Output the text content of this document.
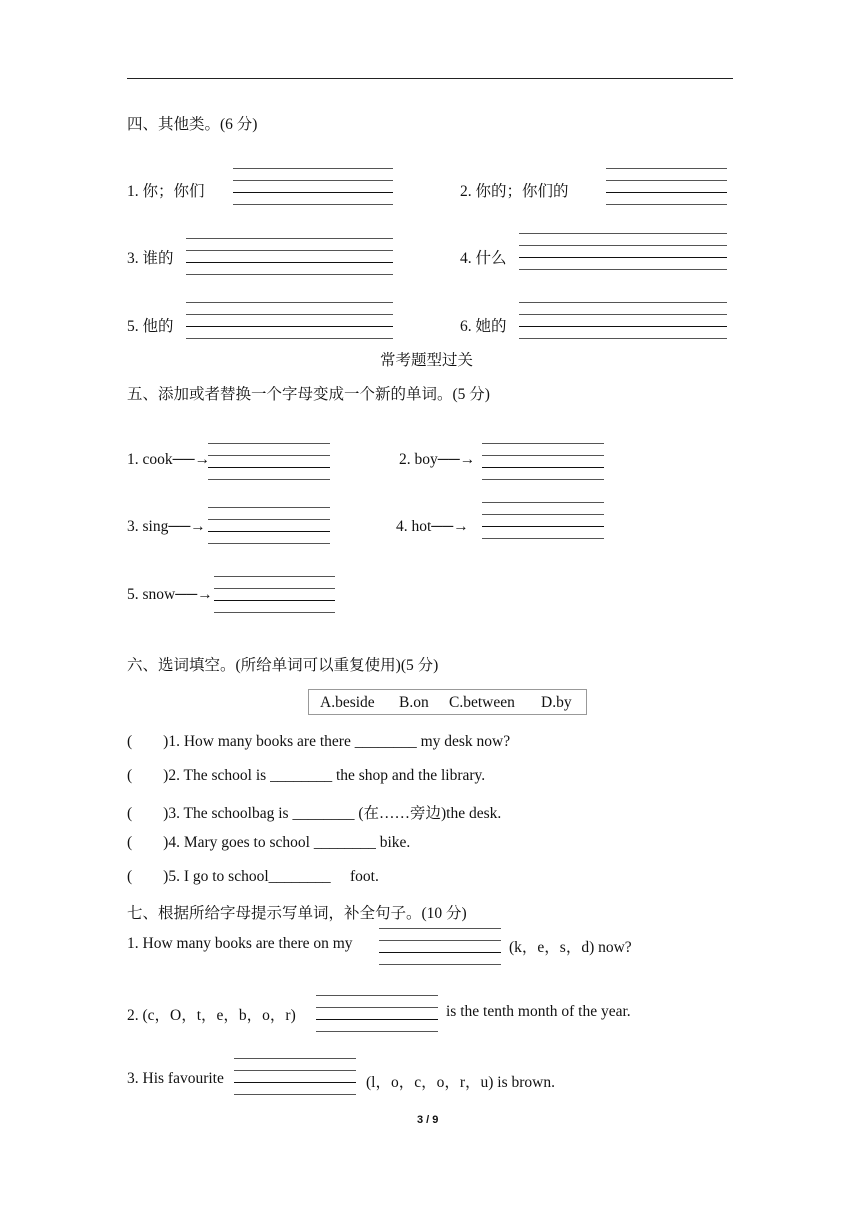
四、其他类。(6 分)
1. 你；你们	2. 你的；你们的
3. 谁的	4. 什么
5. 他的	6. 她的
常考题型过关
五、添加或者替换一个字母变成一个新的单词。(5 分)
1. cook──→	2. boy──→
3. sing──→	4. hot──→
5. snow──→
六、选词填空。(所给单词可以重复使用)(5 分)
A.beside B.on C.between D.by
(        )1. How many books are there ________ my desk now?
(        )2. The school is ________ the shop and the library.
(        )3. The schoolbag is ________ (在……旁边)the desk.
(        )4. Mary goes to school ________ bike.
(        )5. I go to school________     foot.
七、根据所给字母提示写单词，补全句子。(10 分)
1. How many books are there on my	(k，e，s，d) now?
2. (c，O，t，e，b，o，r)	is the tenth month of the year.
3. His favourite	(l，o，c，o，r，u) is brown.
3 / 9
